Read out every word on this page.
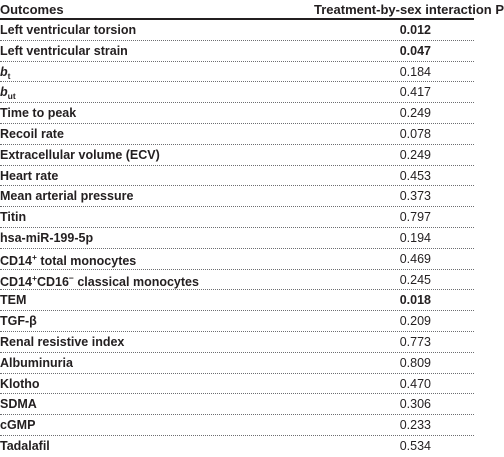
Outcomes	Treatment-by-sex interaction P
Left ventricular torsion	0.012
Left ventricular strain	0.047
$b_t$	0.184
$b_{ut}$	0.417
Time to peak	0.249
Recoil rate	0.078
Extracellular volume (ECV)	0.249
Heart rate	0.453
Mean arterial pressure	0.373
Titin	0.797
hsa-miR-199-5p	0.194
CD14+ total monocytes	0.469
CD14+CD16− classical monocytes	0.245
TEM	0.018
TGF-β	0.209
Renal resistive index	0.773
Albuminuria	0.809
Klotho	0.470
SDMA	0.306
cGMP	0.233
Tadalafil	0.534
